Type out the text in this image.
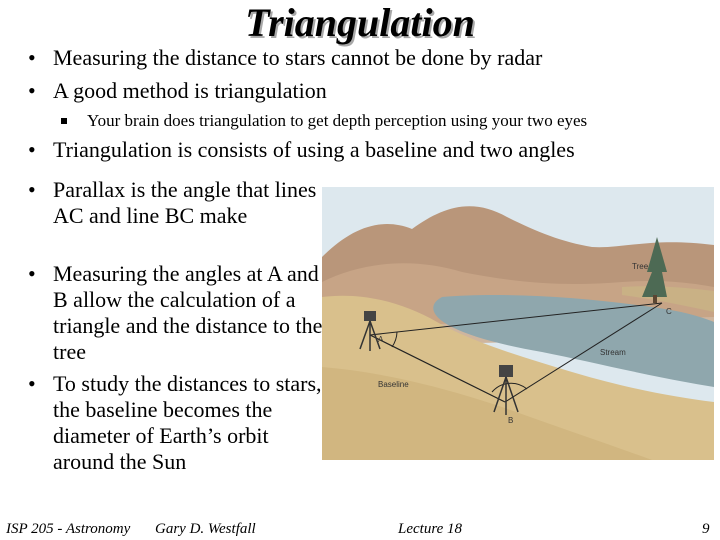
Triangulation
• Measuring the distance to stars cannot be done by radar
• A good method is triangulation
Your brain does triangulation to get depth perception using your two eyes
• Triangulation is consists of using a baseline and two angles
• Parallax is the angle that lines AC and line BC make
• Measuring the angles at A and B allow the calculation of a triangle and the distance to the tree
• To study the distances to stars, the baseline becomes the diameter of Earth’s orbit around the Sun
Tree
C
Stream
Baseline
A
B
ISP 205 - Astronomy Gary D. Westfall	Lecture 18	9
